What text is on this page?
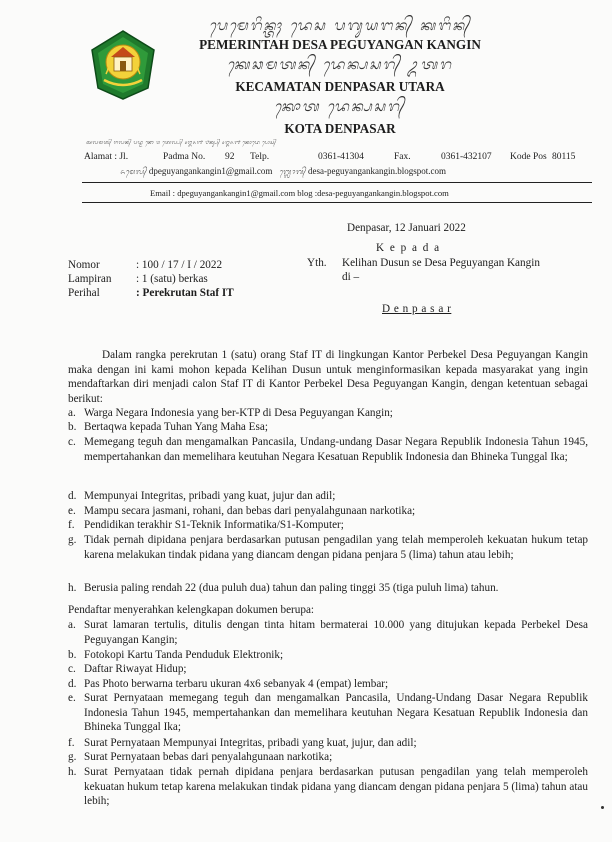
ᬧᬾᬫᬾᬭᬶᬦ᭄ᬢᬄ ᬤᬾᬲ ᬧᬕᬸᬬᬗᬦ᭄ ᬓᬗᬶᬦ᭄
PEMERINTAH DESA PEGUYANGAN KANGIN
ᬓᬾᬘᬫᬢᬦ᭄ ᬤᬾᬦ᭄ᬧᬲᬭ᭄ ᬉᬢᬭ
KECAMATAN DENPASAR UTARA
ᬓᭀᬢ ᬤᬾᬦ᭄ᬧᬲᬭ᭄
KOTA DENPASAR
ᬅᬮᬫᬢ᭄ ᬚᬮᬦ᭄ ᬧᬤ᭄ᬫ ᬦᭀ ᬯ ᬢᬾᬮ᭄ᬧ᭄ ᭐᭓᭖᭑ ᬨᬓ᭄ᬲ᭄ ᭐᭓᭖᭑ ᬓᭀᬤᬾ ᬧᭀᬲ᭄
Alamat : Jl.	Padma No. 92 Telp.	0361-41304	Fax.	0361-432107 Kode Pos 80115
ᬏᬫᬾᬮ᭄ dpeguyangankangin1@gmail.com ᬩ᭄ᬮᭀᬕ᭄ desa-peguyangankangin.blogspot.com
Email : dpeguyangankangin1@gmail.com blog :desa-peguyangankangin.blogspot.com
Denpasar, 12 Januari 2022
K e p a d a
Yth. Kelihan Dusun se Desa Peguyangan Kangin
di –
D e n p a s a r
Nomor	: 100 / 17 / I / 2022
Lampiran : 1 (satu) berkas
Perihal	: Perekrutan Staf IT
Dalam rangka perekrutan 1 (satu) orang Staf IT di lingkungan Kantor Perbekel Desa Peguyangan Kangin maka dengan ini kami mohon kepada Kelihan Dusun untuk menginformasikan kepada masyarakat yang ingin mendaftarkan diri menjadi calon Staf IT di Kantor Perbekel Desa Peguyangan Kangin, dengan ketentuan sebagai berikut:
a. Warga Negara Indonesia yang ber-KTP di Desa Peguyangan Kangin;
b. Bertaqwa kepada Tuhan Yang Maha Esa;
c. Memegang teguh dan mengamalkan Pancasila, Undang-undang Dasar Negara Republik Indonesia Tahun 1945, mempertahankan dan memelihara keutuhan Negara Kesatuan Republik Indonesia dan Bhineka Tunggal Ika;
d. Mempunyai Integritas, pribadi yang kuat, jujur dan adil;
e. Mampu secara jasmani, rohani, dan bebas dari penyalahgunaan narkotika;
f. Pendidikan terakhir S1-Teknik Informatika/S1-Komputer;
g. Tidak pernah dipidana penjara berdasarkan putusan pengadilan yang telah memperoleh kekuatan hukum tetap karena melakukan tindak pidana yang diancam dengan pidana penjara 5 (lima) tahun atau lebih;
h. Berusia paling rendah 22 (dua puluh dua) tahun dan paling tinggi 35 (tiga puluh lima) tahun.
Pendaftar menyerahkan kelengkapan dokumen berupa:
a. Surat lamaran tertulis, ditulis dengan tinta hitam bermaterai 10.000 yang ditujukan kepada Perbekel Desa Peguyangan Kangin;
b. Fotokopi Kartu Tanda Penduduk Elektronik;
c. Daftar Riwayat Hidup;
d. Pas Photo berwarna terbaru ukuran 4x6 sebanyak 4 (empat) lembar;
e. Surat Pernyataan memegang teguh dan mengamalkan Pancasila, Undang-Undang Dasar Negara Republik Indonesia Tahun 1945, mempertahankan dan memelihara keutuhan Negara Kesatuan Republik Indonesia dan Bhineka Tunggal Ika;
f. Surat Pernyataan Mempunyai Integritas, pribadi yang kuat, jujur, dan adil;
g. Surat Pernyataan bebas dari penyalahgunaan narkotika;
h. Surat Pernyataan tidak pernah dipidana penjara berdasarkan putusan pengadilan yang telah memperoleh kekuatan hukum tetap karena melakukan tindak pidana yang diancam dengan pidana penjara 5 (lima) tahun atau lebih;
